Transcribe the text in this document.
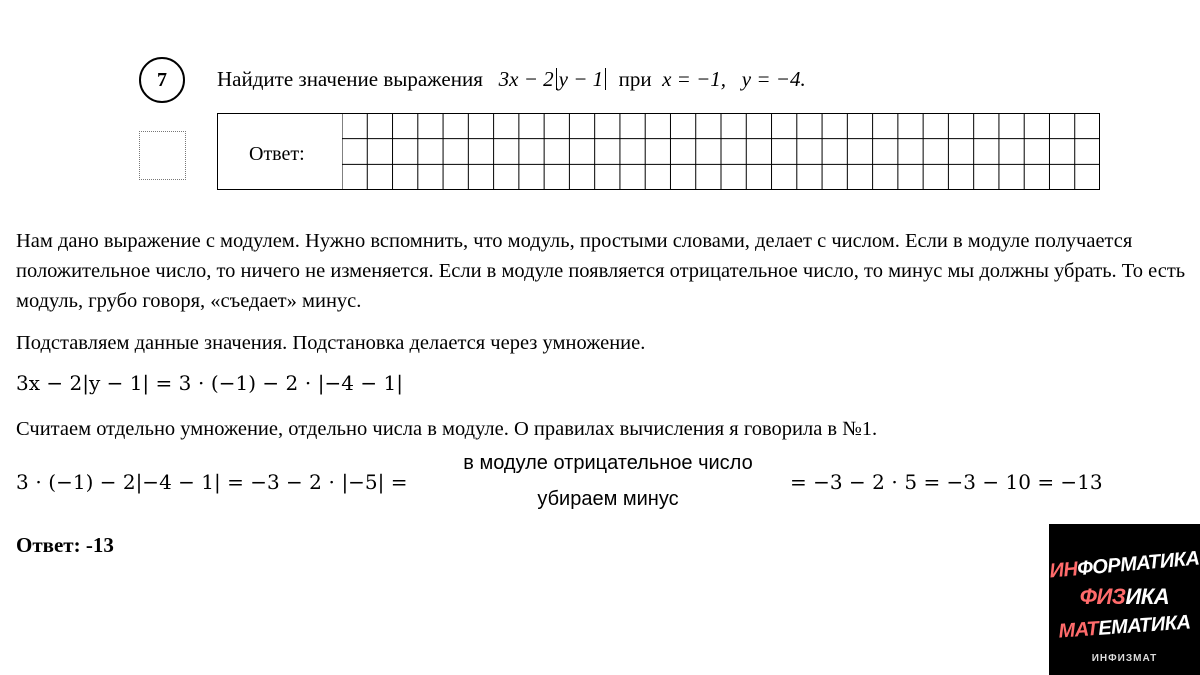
7 Найдите значение выражения 3x − 2 y − 1 при x = −1, y = −4.
Ответ:
Нам дано выражение с модулем. Нужно вспомнить, что модуль, простыми словами, делает с числом. Если в модуле получается положительное число, то ничего не изменяется. Если в модуле появляется отрицательное число, то минус мы должны убрать. То есть модуль, грубо говоря, «съедает» минус.
Подставляем данные значения. Подстановка делается через умножение.
3x − 2|y − 1| = 3 ⋅ (−1) − 2 ⋅ |−4 − 1|
Считаем отдельно умножение, отдельно числа в модуле. О правилах вычисления я говорила в №1.
3 ⋅ (−1) − 2|−4 − 1| = −3 − 2 ⋅ |−5| =
в модуле отрицательное число
убираем минус
= −3 − 2 ⋅ 5 = −3 − 10 = −13
Ответ: -13
ИНФОРМАТИКА
ФИЗИКА
МАТЕМАТИКА
ИНФИЗМАТ
